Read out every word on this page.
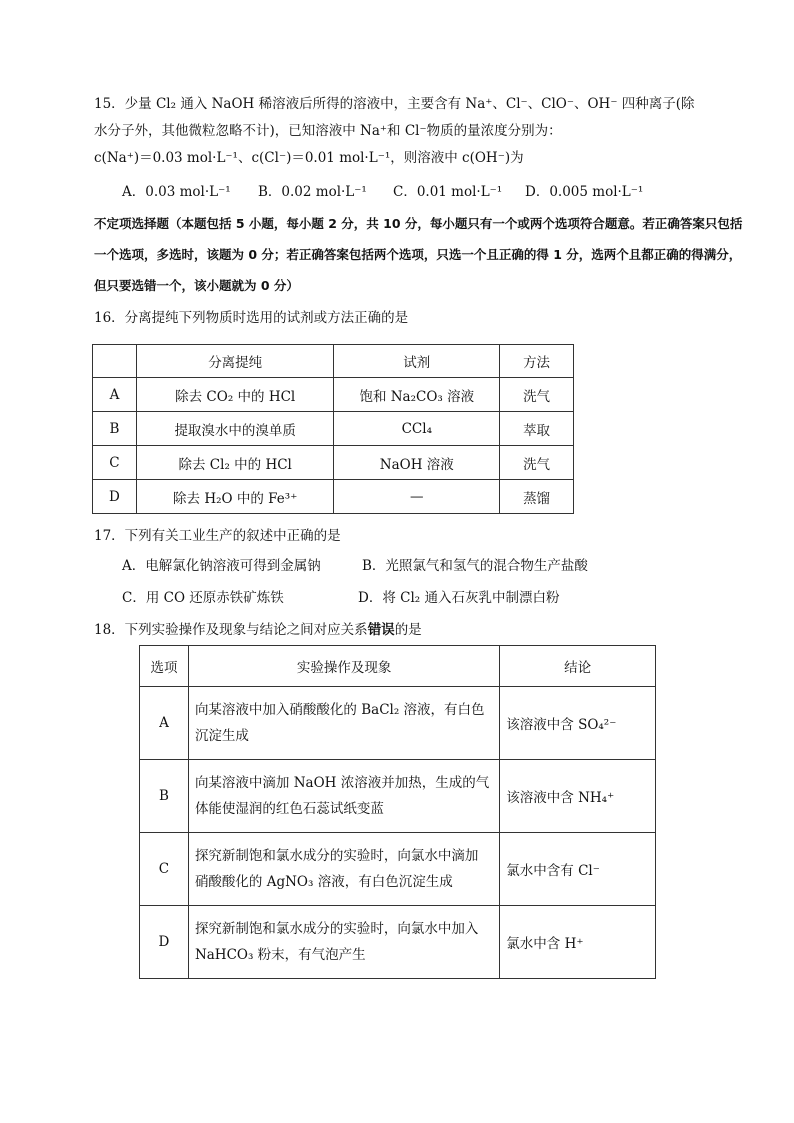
15．少量 Cl₂ 通入 NaOH 稀溶液后所得的溶液中，主要含有 Na⁺、Cl⁻、ClO⁻、OH⁻ 四种离子(除
水分子外，其他微粒忽略不计)，已知溶液中 Na⁺和 Cl⁻物质的量浓度分别为：
c(Na⁺)＝0.03 mol·L⁻¹、c(Cl⁻)＝0.01 mol·L⁻¹，则溶液中 c(OH⁻)为
A．0.03 mol·L⁻¹ B．0.02 mol·L⁻¹ C．0.01 mol·L⁻¹ D．0.005 mol·L⁻¹
不定项选择题（本题包括 5 小题，每小题 2 分，共 10 分，每小题只有一个或两个选项符合题意。若正确答案只包括
一个选项，多选时，该题为 0 分；若正确答案包括两个选项，只选一个且正确的得 1 分，选两个且都正确的得满分，
但只要选错一个，该小题就为 0 分）
16．分离提纯下列物质时选用的试剂或方法正确的是
	分离提纯	试剂	方法
A	除去 CO₂ 中的 HCl	饱和 Na₂CO₃ 溶液	洗气
B	提取溴水中的溴单质	CCl₄	萃取
C	除去 Cl₂ 中的 HCl	NaOH 溶液	洗气
D	除去 H₂O 中的 Fe³⁺	—	蒸馏
17．下列有关工业生产的叙述中正确的是
A．电解氯化钠溶液可得到金属钠	B．光照氯气和氢气的混合物生产盐酸
C．用 CO 还原赤铁矿炼铁	D．将 Cl₂ 通入石灰乳中制漂白粉
18．下列实验操作及现象与结论之间对应关系错误的是
选项	实验操作及现象	结论
A	向某溶液中加入硝酸酸化的 BaCl₂ 溶液，有白色
沉淀生成	该溶液中含 SO₄²⁻
B	向某溶液中滴加 NaOH 浓溶液并加热，生成的气
体能使湿润的红色石蕊试纸变蓝	该溶液中含 NH₄⁺
C	探究新制饱和氯水成分的实验时，向氯水中滴加
硝酸酸化的 AgNO₃ 溶液，有白色沉淀生成	氯水中含有 Cl⁻
D	探究新制饱和氯水成分的实验时，向氯水中加入
NaHCO₃ 粉末，有气泡产生	氯水中含 H⁺
